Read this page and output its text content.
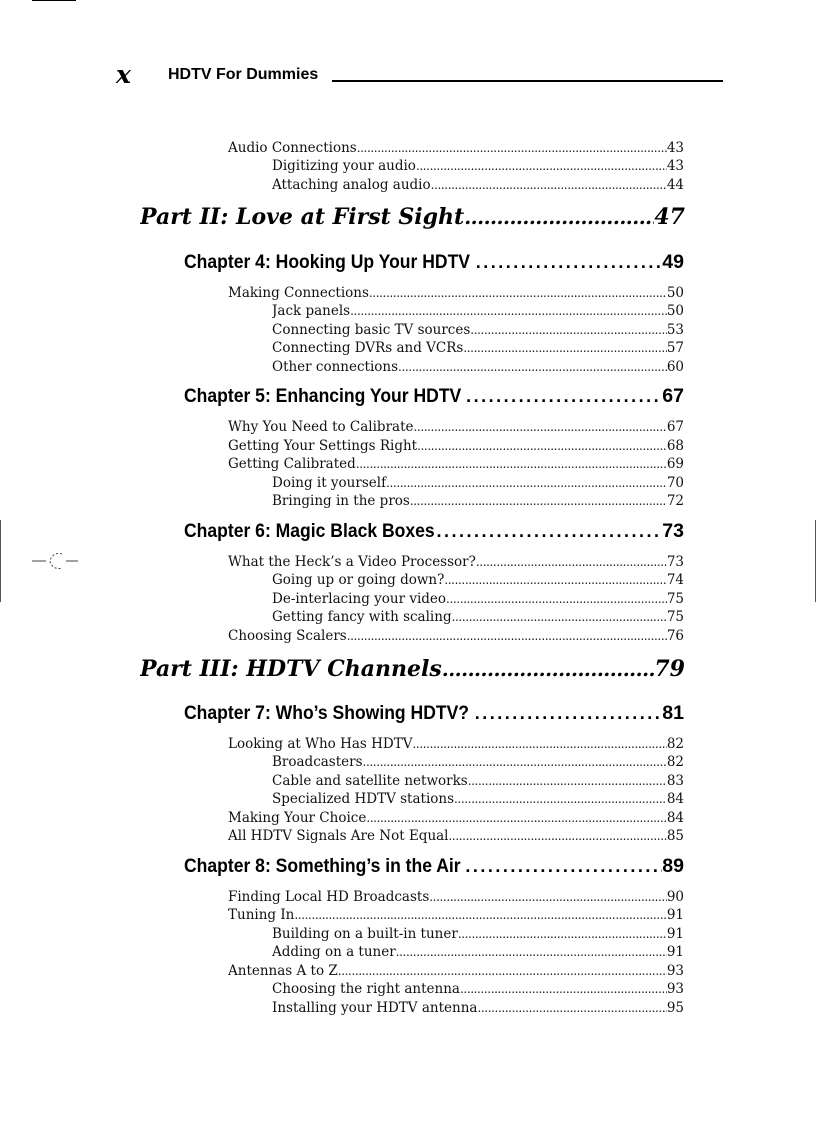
x HDTV For Dummies
Audio Connections .....	43
Digitizing your audio .....	43
Attaching analog audio .....	44
Part II: Love at First Sight .....	47
Chapter 4: Hooking Up Your HDTV .....	49
Making Connections .....	50
Jack panels .....	50
Connecting basic TV sources .....	53
Connecting DVRs and VCRs .....	57
Other connections .....	60
Chapter 5: Enhancing Your HDTV .....	67
Why You Need to Calibrate .....	67
Getting Your Settings Right .....	68
Getting Calibrated .....	69
Doing it yourself .....	70
Bringing in the pros .....	72
Chapter 6: Magic Black Boxes .....	73
What the Heck’s a Video Processor? .....	73
Going up or going down? .....	74
De-interlacing your video .....	75
Getting fancy with scaling .....	75
Choosing Scalers .....	76
Part III: HDTV Channels .....	79
Chapter 7: Who’s Showing HDTV? .....	81
Looking at Who Has HDTV .....	82
Broadcasters .....	82
Cable and satellite networks .....	83
Specialized HDTV stations .....	84
Making Your Choice .....	84
All HDTV Signals Are Not Equal .....	85
Chapter 8: Something’s in the Air .....	89
Finding Local HD Broadcasts .....	90
Tuning In .....	91
Building on a built-in tuner .....	91
Adding on a tuner .....	91
Antennas A to Z .....	93
Choosing the right antenna .....	93
Installing your HDTV antenna .....	95
